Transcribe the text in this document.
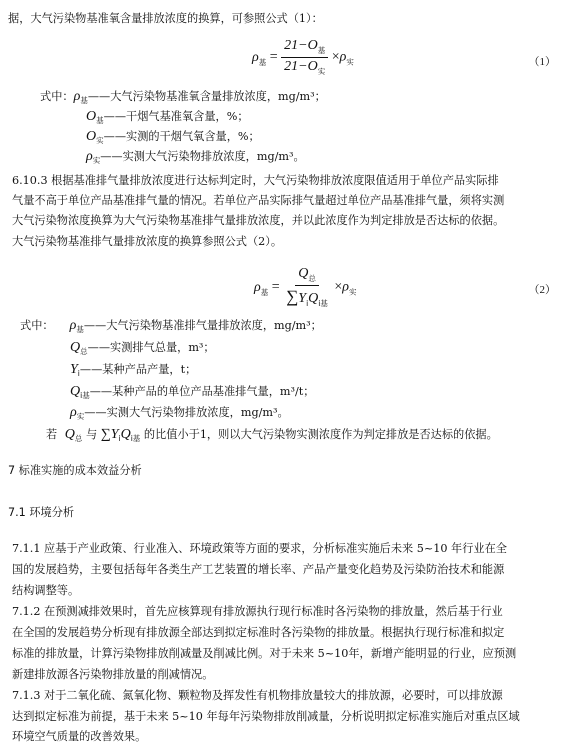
据，大气污染物基准氧含量排放浓度的换算，可参照公式（1）：
$\rho_基 = \frac{21-O_基}{21-O_实} \times\rho_实$	（1）
式中：$\rho_基——$大气污染物基准氧含量排放浓度，mg/m³；
$O_基——$干烟气基准氧含量，%；
$O_实——$实测的干烟气氧含量，%；
$\rho_实——$实测大气污染物排放浓度，mg/m³。
6.10.3 根据基准排气量排放浓度进行达标判定时，大气污染物排放浓度限值适用于单位产品实际排
气量不高于单位产品基准排气量的情况。若单位产品实际排气量超过单位产品基准排气量，须将实测
大气污染物浓度换算为大气污染物基准排气量排放浓度，并以此浓度作为判定排放是否达标的依据。
大气污染物基准排气量排放浓度的换算参照公式（2）。
$\rho_基 = \frac{Q_总}{\sum Y_iQ_{i基}} \times\rho_实$	（2）
式中： $\rho_基——$大气污染物基准排气量排放浓度，mg/m³；
$Q_总——$实测排气总量，m³；
$Y_i——$某种产品产量，t；
$Q_{i基}——$某种产品的单位产品基准排气量，m³/t；
$\rho_实——$实测大气污染物排放浓度，mg/m³。
若 $Q_总$ 与 $\sum Y_iQ_{i基}$ 的比值小于1，则以大气污染物实测浓度作为判定排放是否达标的依据。
7 标准实施的成本效益分析
7.1 环境分析
7.1.1 应基于产业政策、行业准入、环境政策等方面的要求，分析标准实施后未来 5~10 年行业在全
国的发展趋势，主要包括每年各类生产工艺装置的增长率、产品产量变化趋势及污染防治技术和能源
结构调整等。
7.1.2 在预测减排效果时，首先应核算现有排放源执行现行标准时各污染物的排放量，然后基于行业
在全国的发展趋势分析现有排放源全部达到拟定标准时各污染物的排放量。根据执行现行标准和拟定
标准的排放量，计算污染物排放削减量及削减比例。对于未来 5~10年，新增产能明显的行业，应预测
新建排放源各污染物排放量的削减情况。
7.1.3 对于二氧化硫、氮氧化物、颗粒物及挥发性有机物排放量较大的排放源，必要时，可以排放源
达到拟定标准为前提，基于未来 5~10 年每年污染物排放削减量，分析说明拟定标准实施后对重点区域
环境空气质量的改善效果。
